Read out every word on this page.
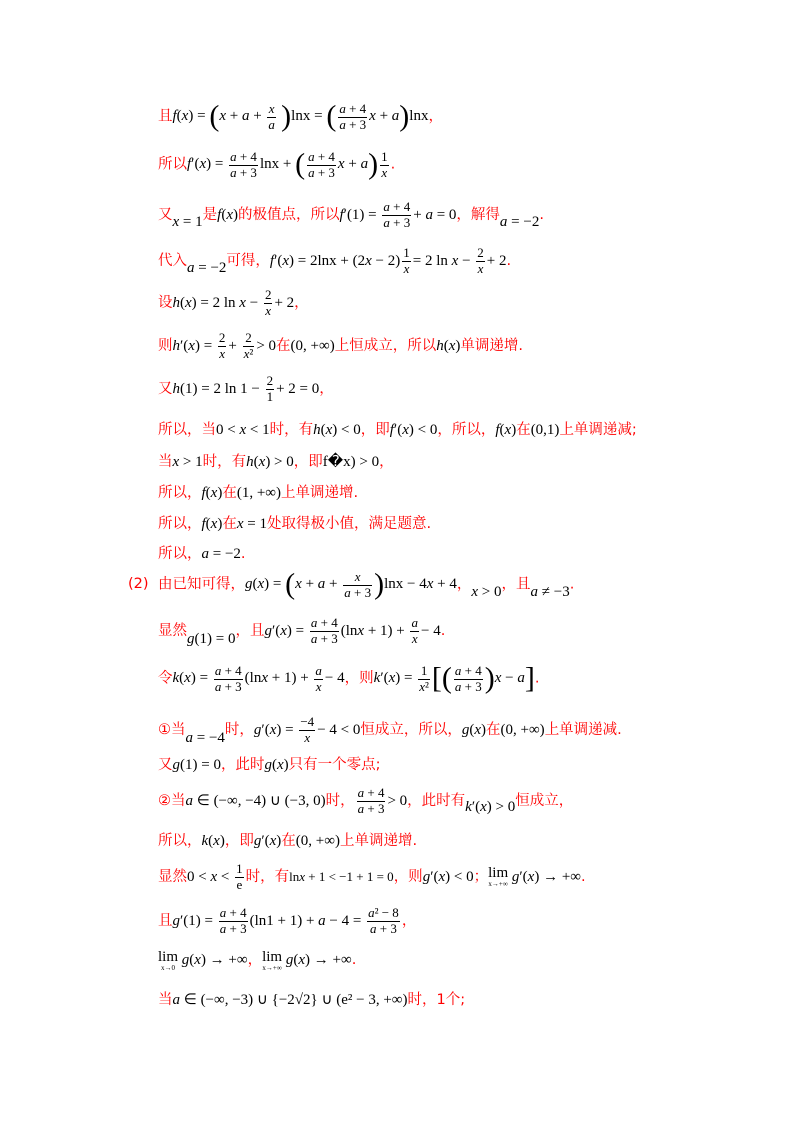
且$f(x) = (x + a + \frac{x}{a} )\ln x$ = ( $\frac{a + 4}{a + 3}$ x + a)lnx，
所以$f'(x) = \frac{a + 4}{a + 3}$ lnx + ( $\frac{a + 4}{a + 3}$ $x + a) \frac{1}{x}$ .
又x = 1是f(x)的极值点，所以$f'(1) = \frac{a + 4}{a + 3} + a = 0$，解得a = −2.
代入a = −2可得，$f'(x) = 2\ln x + (2x - 2) \frac{1}{x} = 2$ $\ln x - \frac{2}{x} + 2$.
设h(x) = 2 $\ln x - \frac{2}{x} + 2$，
则$h'(x) = \frac{2}{x} + \frac{2}{\text{x²}} > 0$在(0, +∞)上恒成立，所以h(x)单调递增.
又h(1) = 2 $\ln 1 - \frac{2}{1} + 2 = 0$，
所以，当0 < x < 1时，有h(x) < 0，即f′(x) < 0，所以，f(x)在(0,1)上单调递减;
当x > 1时，有h(x) > 0，即f�x) > 0，
所以，f(x)在(1, +∞)上单调递增.
所以，f(x)在x = 1处取得极小值，满足题意.
所以，a = −2.
(2) 由已知可得，$g(x) = (x + a + \frac{x}{a + 3} )\ln x - 4x + 4$，x > 0，且a ≠ −3.
显然g(1) = 0，且$g'(x) = \frac{a + 4}{a + 3} (\ln x + 1) + \frac{a}{x} - 4$.
令$k(x) = \frac{a + 4}{a + 3} (\ln x + 1) + \frac{a}{x} - 4$，则$k'(x) = \frac{1}{\text{x²}}$ [( $\frac{a + 4}{a + 3} )x - a$].
①当a = −4时，$g'(x) = \frac{-4}{x} - 4 < 0$恒成立，所以，g(x)在(0, +∞)上单调递减.
又g(1) = 0，此时g(x)只有一个零点;
②当a ∈ (−∞, −4) ∪ (−3, 0)时， $\frac{a + 4}{a + 3} > 0$，此时有k′(x) > 0恒成立，
所以，k(x)，即g′(x)在(0, +∞)上单调递增.
显然$0 < x < \frac{1}{e}$ 时，有lnx + 1 < −1 + 1 = 0，则g′(x) < 0； lim
x→+∞ g′(x) → +∞.
且$g'(1) = \frac{a + 4}{a + 3} (\ln 1 + 1) + a - 4 = \frac{\text{a² − 8}}{a + 3}$ ，
lim
x→0 g(x) → +∞， lim
x→+∞ g(x) → +∞.
当a ∈ (−∞, −3) ∪ {−2√2} ∪ (e² − 3, +∞)时，1个;
